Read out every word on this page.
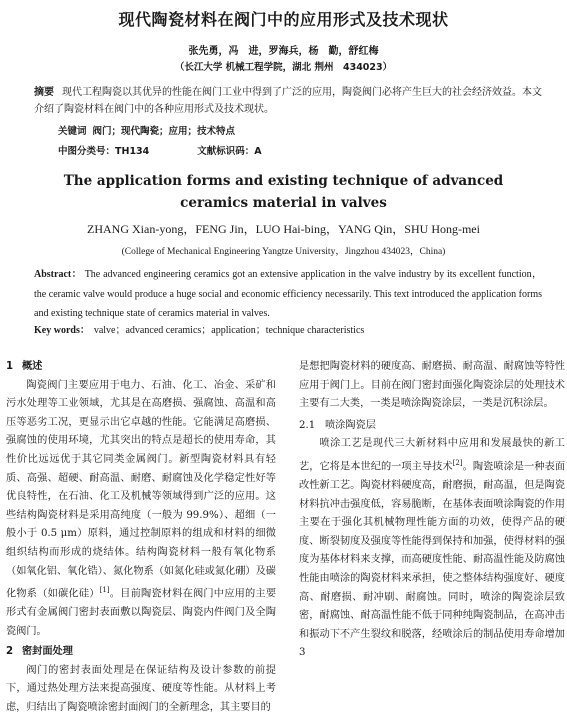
现代陶瓷材料在阀门中的应用形式及技术现状
张先勇，冯　进，罗海兵，杨　勤，舒红梅
（长江大学 机械工程学院，湖北 荆州　434023）
摘要 现代工程陶瓷以其优异的性能在阀门工业中得到了广泛的应用，陶瓷阀门必将产生巨大的社会经济效益。本文介绍了陶瓷材料在阀门中的各种应用形式及技术现状。
关键词 阀门；现代陶瓷；应用；技术特点
中图分类号：TH134	文献标识码：A
The application forms and existing technique of advanced
ceramics material in valves
ZHANG Xian-yong，FENG Jin，LUO Hai-bing，YANG Qin，SHU Hong-mei
(College of Mechanical Engineering Yangtze University，Jingzhou 434023，China)
Abstract： The advanced engineering ceramics got an extensive application in the valve industry by its excellent function，the ceramic valve would produce a huge social and economic efficiency necessarily. This text introduced the application forms and existing technique state of ceramics material in valves.
Key words： valve；advanced ceramics；application；technique characteristics
1 概述

陶瓷阀门主要应用于电力、石油、化工、冶金、采矿和污水处理等工业领域，尤其是在高磨损、强腐蚀、高温和高压等恶劣工况，更显示出它卓越的性能。它能满足高磨损、强腐蚀的使用环境，尤其突出的特点是超长的使用寿命，其性价比远远优于其它同类金属阀门。新型陶瓷材料具有轻质、高强、超硬、耐高温、耐磨、耐腐蚀及化学稳定性好等优良特性，在石油、化工及机械等领域得到广泛的应用。这些结构陶瓷材料是采用高纯度（一般为 99.9%）、超细（一般小于 0.5 μm）原料，通过控制原料的组成和材料的细微组织结构而形成的烧结体。结构陶瓷材料一般有氧化物系（如氧化铝、氧化锆）、氮化物系（如氮化硅或氮化硼）及碳化物系（如碳化硅）[1]。目前陶瓷材料在阀门中应用的主要形式有金属阀门密封表面敷以陶瓷层、陶瓷内件阀门及全陶瓷阀门。

2 密封面处理

阀门的密封表面处理是在保证结构及设计参数的前提下，通过热处理方法来提高强度、硬度等性能。从材料上考虑，归结出了陶瓷喷涂密封面阀门的全新理念，其主要目的

是想把陶瓷材料的硬度高、耐磨损、耐高温、耐腐蚀等特性应用于阀门上。目前在阀门密封面强化陶瓷涂层的处理技术主要有二大类，一类是喷涂陶瓷涂层，一类是沉积涂层。
2.1 喷涂陶瓷层

喷涂工艺是现代三大新材料中应用和发展最快的新工艺，它将是本世纪的一项主导技术[2]。陶瓷喷涂是一种表面改性新工艺。陶瓷材料硬度高，耐磨损，耐高温，但是陶瓷材料抗冲击强度低，容易脆断，在基体表面喷涂陶瓷的作用主要在于强化其机械物理性能方面的功效，使得产品的硬度、断裂韧度及强度等性能得到保持和加强，使得材料的强度为基体材料来支撑，而高硬度性能、耐高温性能及防腐蚀性能由喷涂的陶瓷材料来承担，使之整体结构强度好、硬度高、耐磨损、耐冲刷、耐腐蚀。同时，喷涂的陶瓷涂层致密，耐腐蚀、耐高温性能不低于同种纯陶瓷制品，在高冲击和振动下不产生裂纹和脱落，经喷涂后的制品使用寿命增加 3
